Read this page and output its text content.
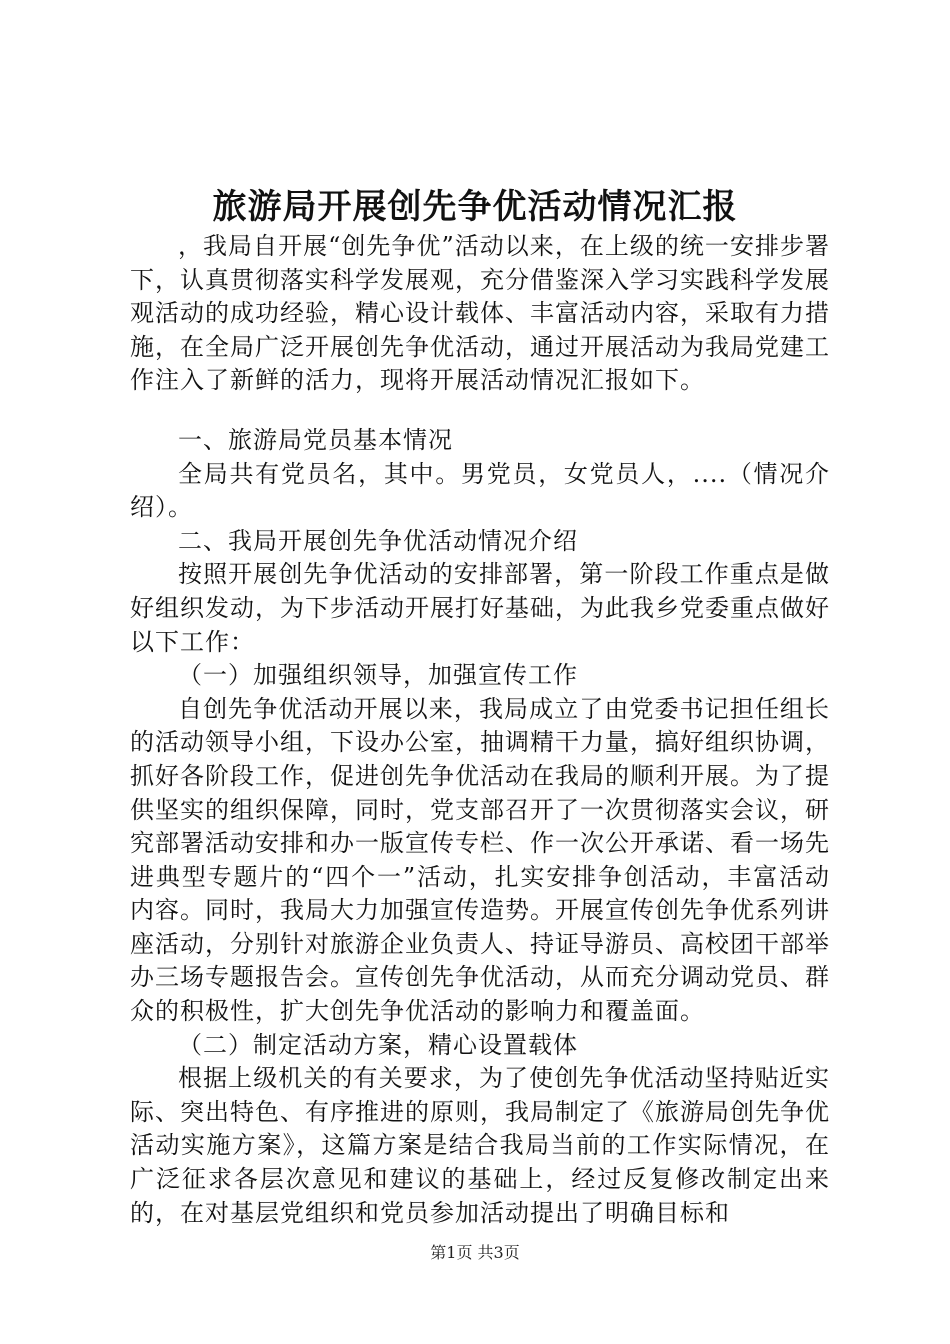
旅游局开展创先争优活动情况汇报

，我局自开展“创先争优”活动以来，在上级的统一安排步署下，认真贯彻落实科学发展观，充分借鉴深入学习实践科学发展观活动的成功经验，精心设计载体、丰富活动内容，采取有力措施，在全局广泛开展创先争优活动，通过开展活动为我局党建工作注入了新鲜的活力，现将开展活动情况汇报如下。

一、旅游局党员基本情况

全局共有党员名，其中。男党员，女党员人，....（情况介绍）。

二、我局开展创先争优活动情况介绍

按照开展创先争优活动的安排部署，第一阶段工作重点是做好组织发动，为下步活动开展打好基础，为此我乡党委重点做好以下工作：

（一）加强组织领导，加强宣传工作

自创先争优活动开展以来，我局成立了由党委书记担任组长的活动领导小组，下设办公室，抽调精干力量，搞好组织协调，抓好各阶段工作，促进创先争优活动在我局的顺利开展。为了提供坚实的组织保障，同时，党支部召开了一次贯彻落实会议，研究部署活动安排和办一版宣传专栏、作一次公开承诺、看一场先进典型专题片的“四个一”活动，扎实安排争创活动，丰富活动内容。同时，我局大力加强宣传造势。开展宣传创先争优系列讲座活动，分别针对旅游企业负责人、持证导游员、高校团干部举办三场专题报告会。宣传创先争优活动，从而充分调动党员、群众的积极性，扩大创先争优活动的影响力和覆盖面。

（二）制定活动方案，精心设置载体

根据上级机关的有关要求，为了使创先争优活动坚持贴近实际、突出特色、有序推进的原则，我局制定了《旅游局创先争优活动实施方案》，这篇方案是结合我局当前的工作实际情况，在广泛征求各层次意见和建议的基础上，经过反复修改制定出来的，在对基层党组织和党员参加活动提出了明确目标和

第1页 共3页
